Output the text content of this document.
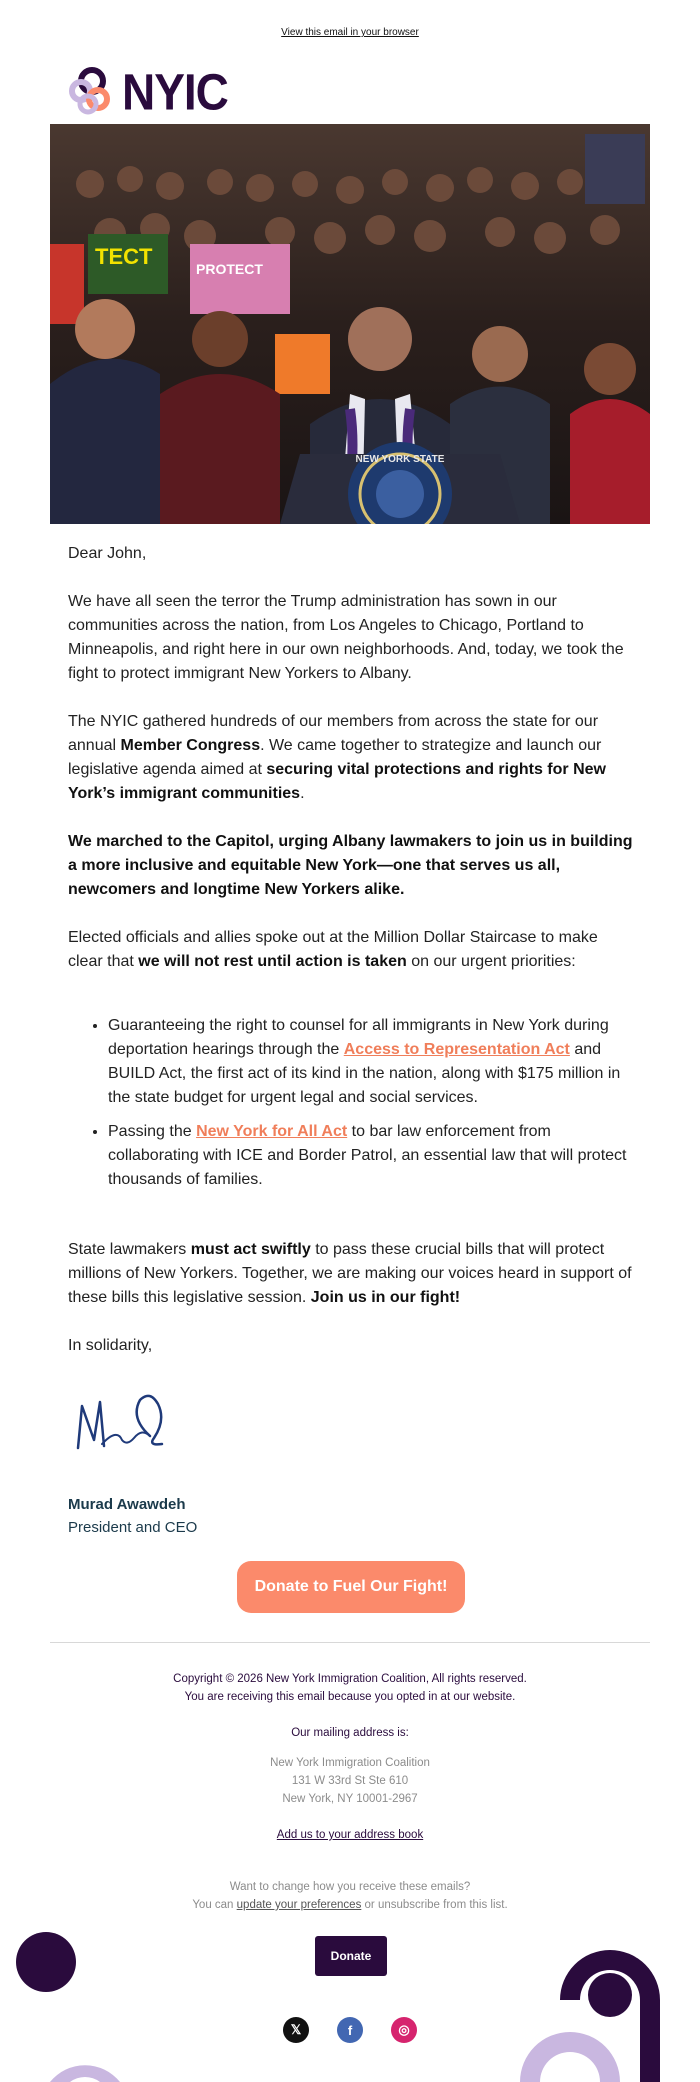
View this email in your browser
NYIC
TECT	PROTECT
NEW YORK STATE
Dear John,
We have all seen the terror the Trump administration has sown in our communities across the nation, from Los Angeles to Chicago, Portland to Minneapolis, and right here in our own neighborhoods. And, today, we took the fight to protect immigrant New Yorkers to Albany.
The NYIC gathered hundreds of our members from across the state for our annual Member Congress. We came together to strategize and launch our legislative agenda aimed at securing vital protections and rights for New York’s immigrant communities.
We marched to the Capitol, urging Albany lawmakers to join us in building a more inclusive and equitable New York—one that serves us all, newcomers and longtime New Yorkers alike.
Elected officials and allies spoke out at the Million Dollar Staircase to make clear that we will not rest until action is taken on our urgent priorities:
• Guaranteeing the right to counsel for all immigrants in New York during deportation hearings through the Access to Representation Act and BUILD Act, the first act of its kind in the nation, along with $175 million in the state budget for urgent legal and social services.
• Passing the New York for All Act to bar law enforcement from collaborating with ICE and Border Patrol, an essential law that will protect thousands of families.
State lawmakers must act swiftly to pass these crucial bills that will protect millions of New Yorkers. Together, we are making our voices heard in support of these bills this legislative session. Join us in our fight!
In solidarity,
Murad Awawdeh
President and CEO
Donate to Fuel Our Fight!
Copyright © 2026 New York Immigration Coalition, All rights reserved.
You are receiving this email because you opted in at our website.
Our mailing address is:
New York Immigration Coalition
131 W 33rd St Ste 610
New York, NY 10001-2967
Add us to your address book
Want to change how you receive these emails?
You can update your preferences or unsubscribe from this list.
Donate
𝕏	f	◎
